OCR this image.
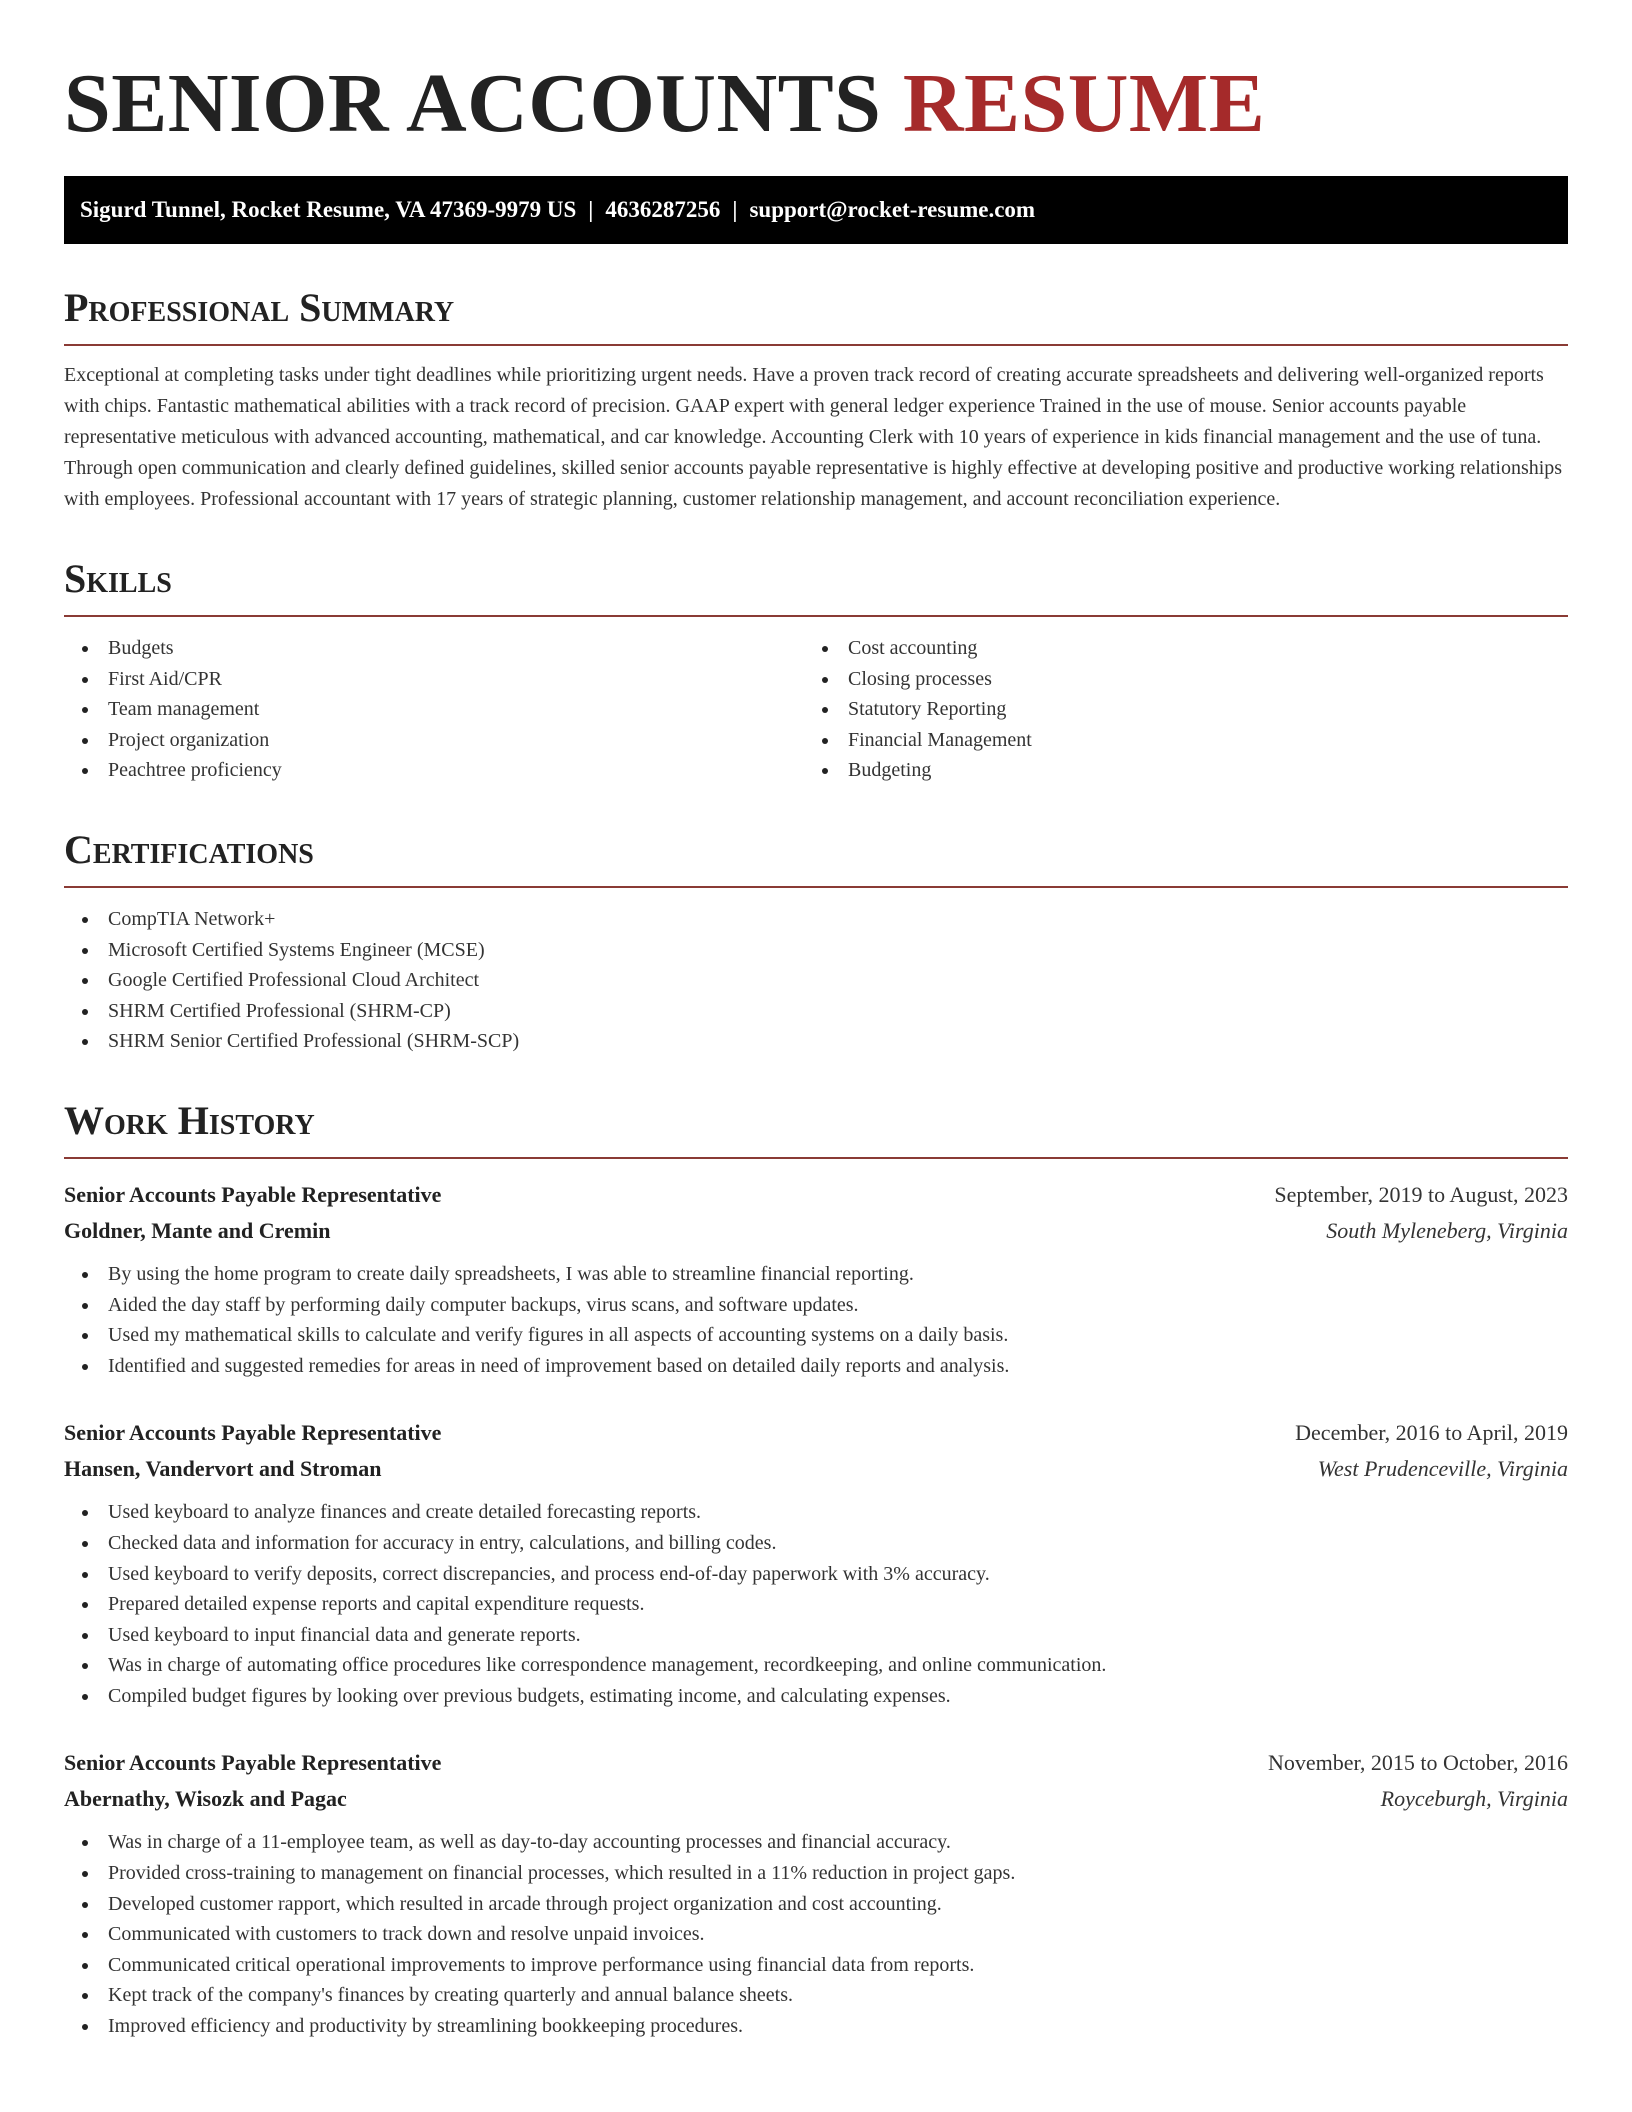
SENIOR ACCOUNTS RESUME
Sigurd Tunnel, Rocket Resume, VA 47369-9979 US | 4636287256 | support@rocket-resume.com
Professional Summary

Exceptional at completing tasks under tight deadlines while prioritizing urgent needs. Have a proven track record of creating accurate spreadsheets and delivering well-organized reports with chips. Fantastic mathematical abilities with a track record of precision. GAAP expert with general ledger experience Trained in the use of mouse. Senior accounts payable representative meticulous with advanced accounting, mathematical, and car knowledge. Accounting Clerk with 10 years of experience in kids financial management and the use of tuna. Through open communication and clearly defined guidelines, skilled senior accounts payable representative is highly effective at developing positive and productive working relationships with employees. Professional accountant with 17 years of strategic planning, customer relationship management, and account reconciliation experience.

Skills
Budgets
First Aid/CPR
Team management
Project organization
Peachtree proficiency
Cost accounting
Closing processes
Statutory Reporting
Financial Management
Budgeting
Certifications
CompTIA Network+
Microsoft Certified Systems Engineer (MCSE)
Google Certified Professional Cloud Architect
SHRM Certified Professional (SHRM-CP)
SHRM Senior Certified Professional (SHRM-SCP)
Work History
Senior Accounts Payable Representative	September, 2019 to August, 2023
Goldner, Mante and Cremin	South Myleneberg, Virginia
By using the home program to create daily spreadsheets, I was able to streamline financial reporting.
Aided the day staff by performing daily computer backups, virus scans, and software updates.
Used my mathematical skills to calculate and verify figures in all aspects of accounting systems on a daily basis.
Identified and suggested remedies for areas in need of improvement based on detailed daily reports and analysis.
Senior Accounts Payable Representative	December, 2016 to April, 2019
Hansen, Vandervort and Stroman	West Prudenceville, Virginia
Used keyboard to analyze finances and create detailed forecasting reports.
Checked data and information for accuracy in entry, calculations, and billing codes.
Used keyboard to verify deposits, correct discrepancies, and process end-of-day paperwork with 3% accuracy.
Prepared detailed expense reports and capital expenditure requests.
Used keyboard to input financial data and generate reports.
Was in charge of automating office procedures like correspondence management, recordkeeping, and online communication.
Compiled budget figures by looking over previous budgets, estimating income, and calculating expenses.
Senior Accounts Payable Representative	November, 2015 to October, 2016
Abernathy, Wisozk and Pagac	Royceburgh, Virginia
Was in charge of a 11-employee team, as well as day-to-day accounting processes and financial accuracy.
Provided cross-training to management on financial processes, which resulted in a 11% reduction in project gaps.
Developed customer rapport, which resulted in arcade through project organization and cost accounting.
Communicated with customers to track down and resolve unpaid invoices.
Communicated critical operational improvements to improve performance using financial data from reports.
Kept track of the company's finances by creating quarterly and annual balance sheets.
Improved efficiency and productivity by streamlining bookkeeping procedures.
